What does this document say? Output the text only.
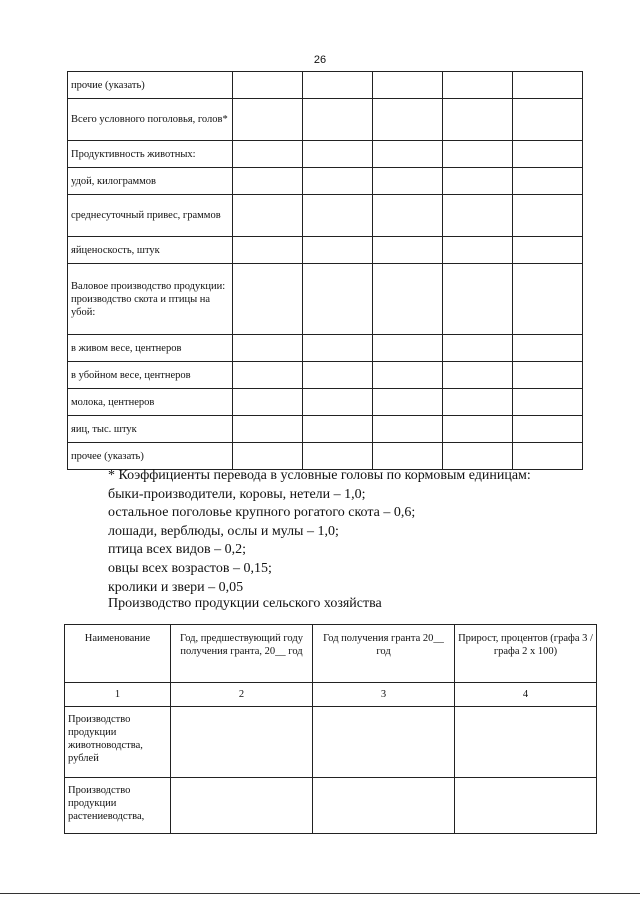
26
прочие (указать)					
Всего условного поголовья, голов*					
Продуктивность животных:					
удой, килограммов					
среднесуточный привес, граммов					
яйценоскость, штук					
Валовое производство продукции: производство скота и птицы на убой:					
в живом весе, центнеров					
в убойном весе, центнеров					
молока, центнеров					
яиц, тыс. штук					
прочее (указать)					
* Коэффициенты перевода в условные головы по кормовым единицам:
быки-производители, коровы, нетели – 1,0;
остальное поголовье крупного рогатого скота – 0,6;
лошади, верблюды, ослы и мулы – 1,0;
птица всех видов – 0,2;
овцы всех возрастов – 0,15;
кролики и звери – 0,05
Производство продукции сельского хозяйства
Наименование	Год, предшествующий году получения гранта, 20__ год	Год получения гранта 20__ год	Прирост, процентов (графа 3 / графа 2 х 100)
1	2	3	4
Производство продукции животноводства, рублей			
Производство продукции растениеводства,			
